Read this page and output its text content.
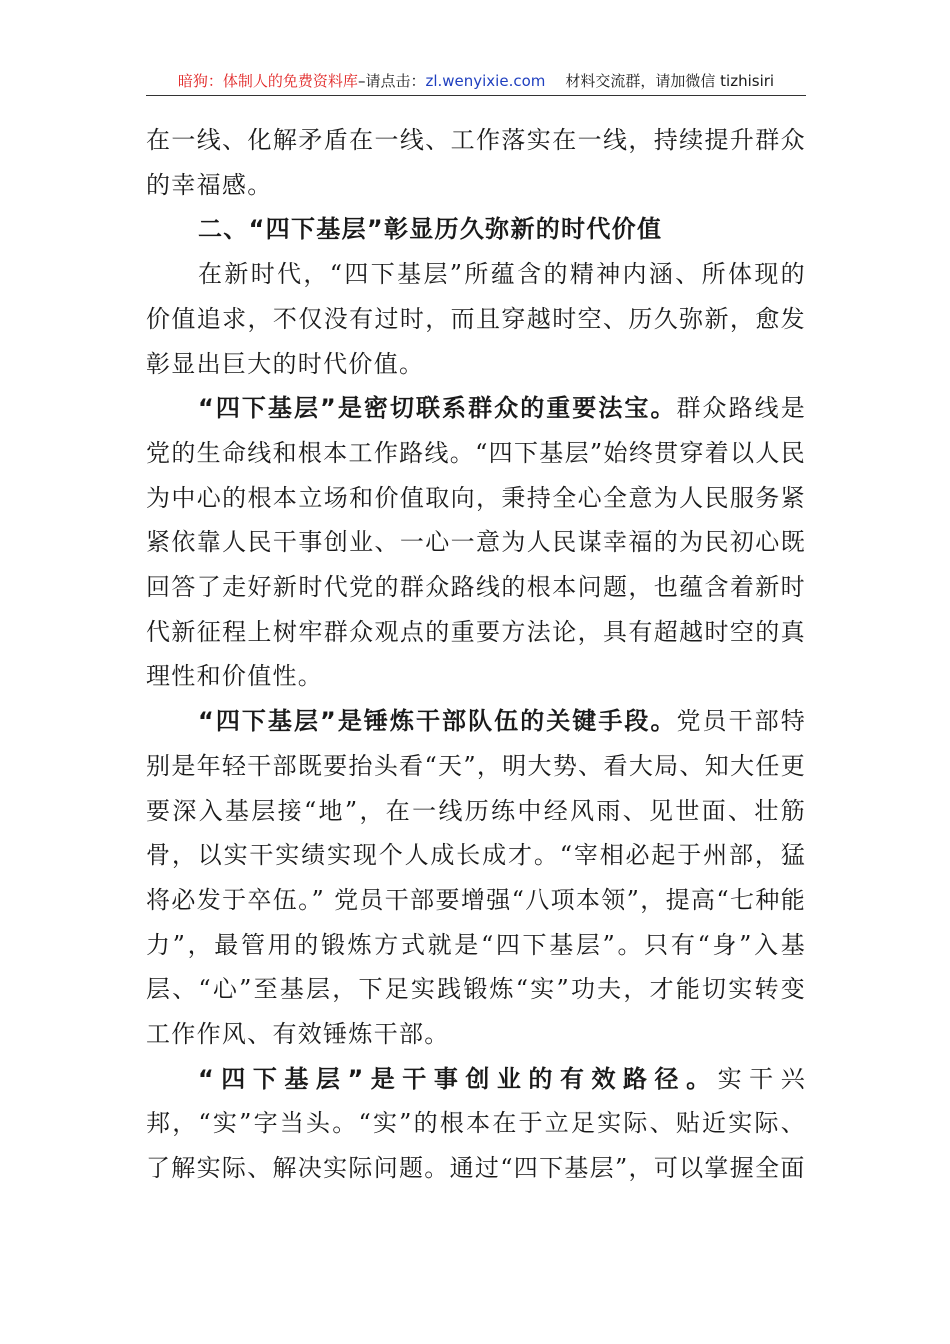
暗狗：体制人的免费资料库–请点击：zl.wenyixie.com 材料交流群，请加微信 tizhisiri

在一线、化解矛盾在一线、工作落实在一线，持续提升群众的幸福感。

二、“四下基层”彰显历久弥新的时代价值

在新时代，“四下基层”所蕴含的精神内涵、所体现的价值追求，不仅没有过时，而且穿越时空、历久弥新，愈发彰显出巨大的时代价值。

“四下基层”是密切联系群众的重要法宝。群众路线是党的生命线和根本工作路线。“四下基层”始终贯穿着以人民为中心的根本立场和价值取向，秉持全心全意为人民服务紧紧依靠人民干事创业、一心一意为人民谋幸福的为民初心既回答了走好新时代党的群众路线的根本问题，也蕴含着新时代新征程上树牢群众观点的重要方法论，具有超越时空的真理性和价值性。

“四下基层”是锤炼干部队伍的关键手段。党员干部特别是年轻干部既要抬头看“天”，明大势、看大局、知大任更要深入基层接“地”，在一线历练中经风雨、见世面、壮筋骨，以实干实绩实现个人成长成才。“宰相必起于州部，猛将必发于卒伍。” 党员干部要增强“八项本领”，提高“七种能力”，最管用的锻炼方式就是“四下基层”。只有“身”入基层、“心”至基层，下足实践锻炼“实”功夫，才能切实转变工作作风、有效锤炼干部。

“四下基层”是干事创业的有效路径。实干兴邦，“实”字当头。“实”的根本在于立足实际、贴近实际、了解实际、解决实际问题。通过“四下基层”，可以掌握全面
